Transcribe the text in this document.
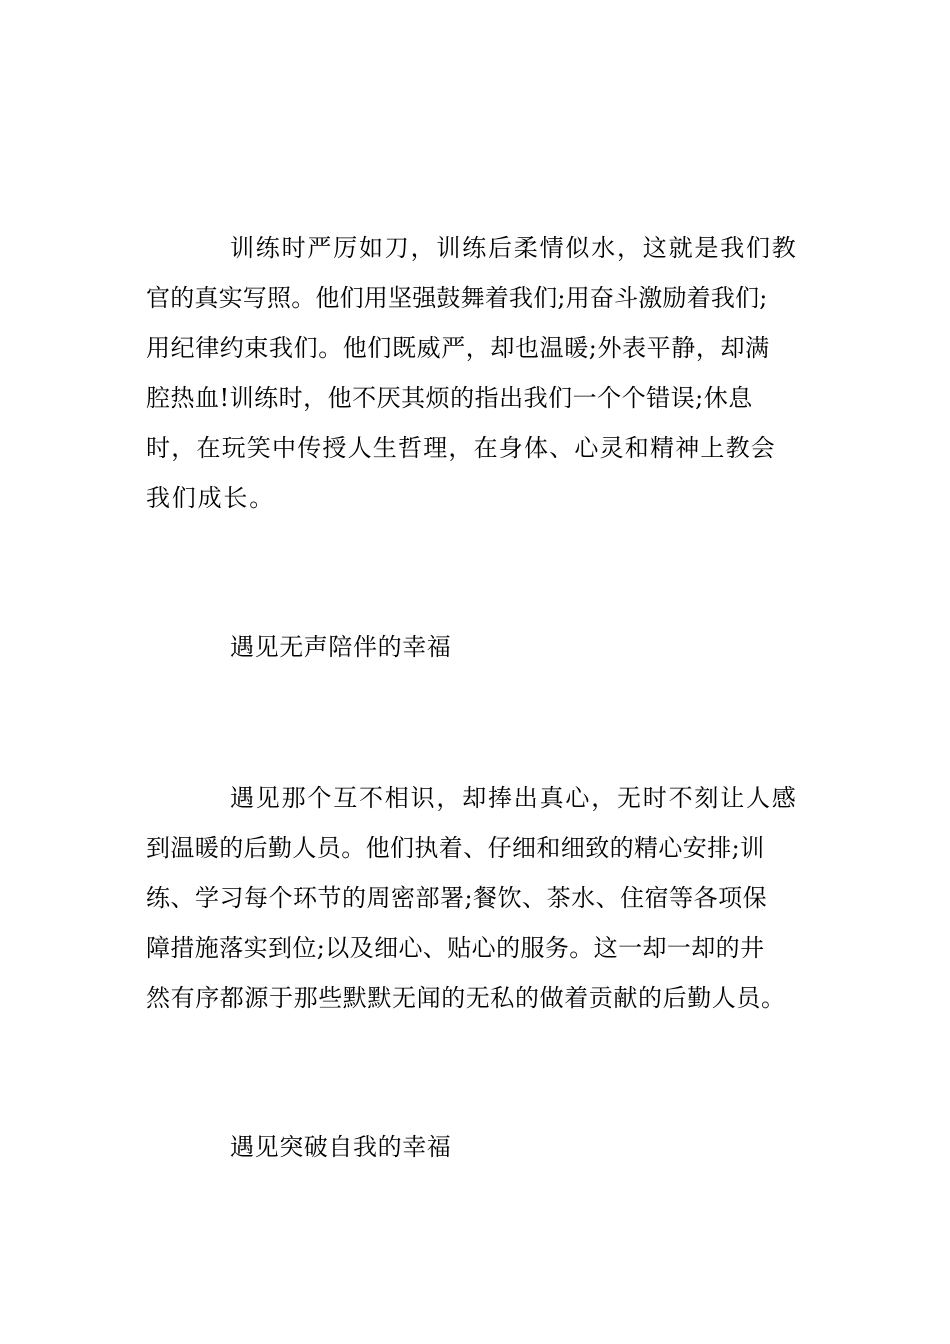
训练时严厉如刀，训练后柔情似水，这就是我们教
官的真实写照。他们用坚强鼓舞着我们;用奋斗激励着我们;
用纪律约束我们。他们既威严，却也温暖;外表平静，却满
腔热血!训练时，他不厌其烦的指出我们一个个错误;休息
时，在玩笑中传授人生哲理，在身体、心灵和精神上教会
我们成长。
遇见无声陪伴的幸福
遇见那个互不相识，却捧出真心，无时不刻让人感
到温暖的后勤人员。他们执着、仔细和细致的精心安排;训
练、学习每个环节的周密部署;餐饮、茶水、住宿等各项保
障措施落实到位;以及细心、贴心的服务。这一却一却的井
然有序都源于那些默默无闻的无私的做着贡献的后勤人员。
遇见突破自我的幸福
